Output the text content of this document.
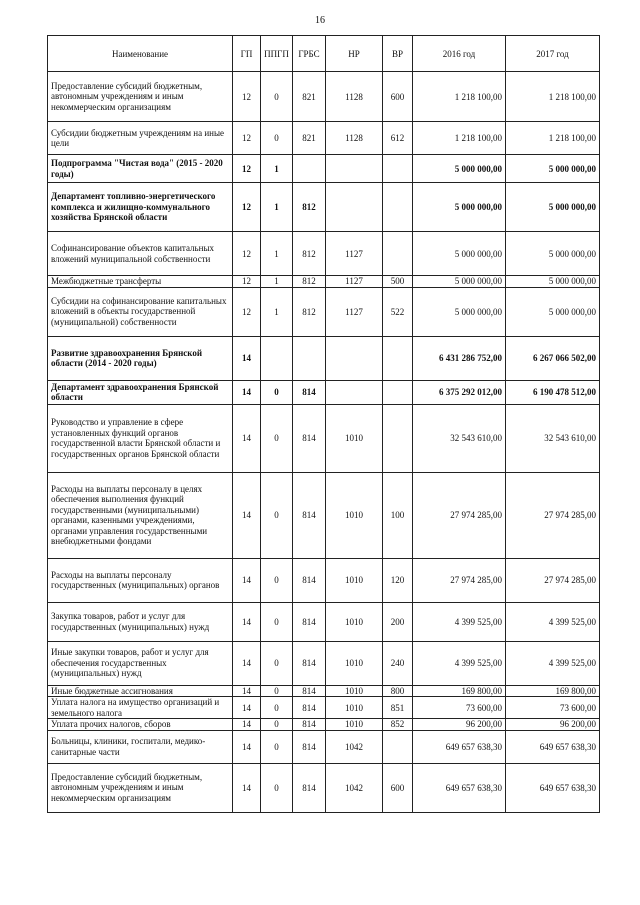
16
Наименование	ГП	ППГП	ГРБС	НР	ВР	2016 год	2017 год
Предоставление субсидий бюджетным, автономным учреждениям и иным некоммерческим организациям	12	0	821	1128	600	1 218 100,00	1 218 100,00
Субсидии бюджетным учреждениям на иные цели	12	0	821	1128	612	1 218 100,00	1 218 100,00
Подпрограмма "Чистая вода" (2015 - 2020 годы)	12	1				5 000 000,00	5 000 000,00
Департамент топливно-энергетического комплекса и жилищно-коммунального хозяйства Брянской области	12	1	812			5 000 000,00	5 000 000,00
Софинансирование объектов капитальных вложений муниципальной собственности	12	1	812	1127		5 000 000,00	5 000 000,00
Межбюджетные трансферты	12	1	812	1127	500	5 000 000,00	5 000 000,00
Субсидии на софинансирование капитальных вложений в объекты государственной (муниципальной) собственности	12	1	812	1127	522	5 000 000,00	5 000 000,00
Развитие здравоохранения Брянской области (2014 - 2020 годы)	14					6 431 286 752,00	6 267 066 502,00
Департамент здравоохранения Брянской области	14	0	814			6 375 292 012,00	6 190 478 512,00
Руководство и управление в сфере установленных функций органов государственной власти Брянской области и государственных органов Брянской области	14	0	814	1010		32 543 610,00	32 543 610,00
Расходы на выплаты персоналу в целях обеспечения выполнения функций государственными (муниципальными) органами, казенными учреждениями, органами управления государственными внебюджетными фондами	14	0	814	1010	100	27 974 285,00	27 974 285,00
Расходы на выплаты персоналу государственных (муниципальных) органов	14	0	814	1010	120	27 974 285,00	27 974 285,00
Закупка товаров, работ и услуг для государственных (муниципальных) нужд	14	0	814	1010	200	4 399 525,00	4 399 525,00
Иные закупки товаров, работ и услуг для обеспечения государственных (муниципальных) нужд	14	0	814	1010	240	4 399 525,00	4 399 525,00
Иные бюджетные ассигнования	14	0	814	1010	800	169 800,00	169 800,00
Уплата налога на имущество организаций и земельного налога	14	0	814	1010	851	73 600,00	73 600,00
Уплата прочих налогов, сборов	14	0	814	1010	852	96 200,00	96 200,00
Больницы, клиники, госпитали, медико-санитарные части	14	0	814	1042		649 657 638,30	649 657 638,30
Предоставление субсидий бюджетным, автономным учреждениям и иным некоммерческим организациям	14	0	814	1042	600	649 657 638,30	649 657 638,30
